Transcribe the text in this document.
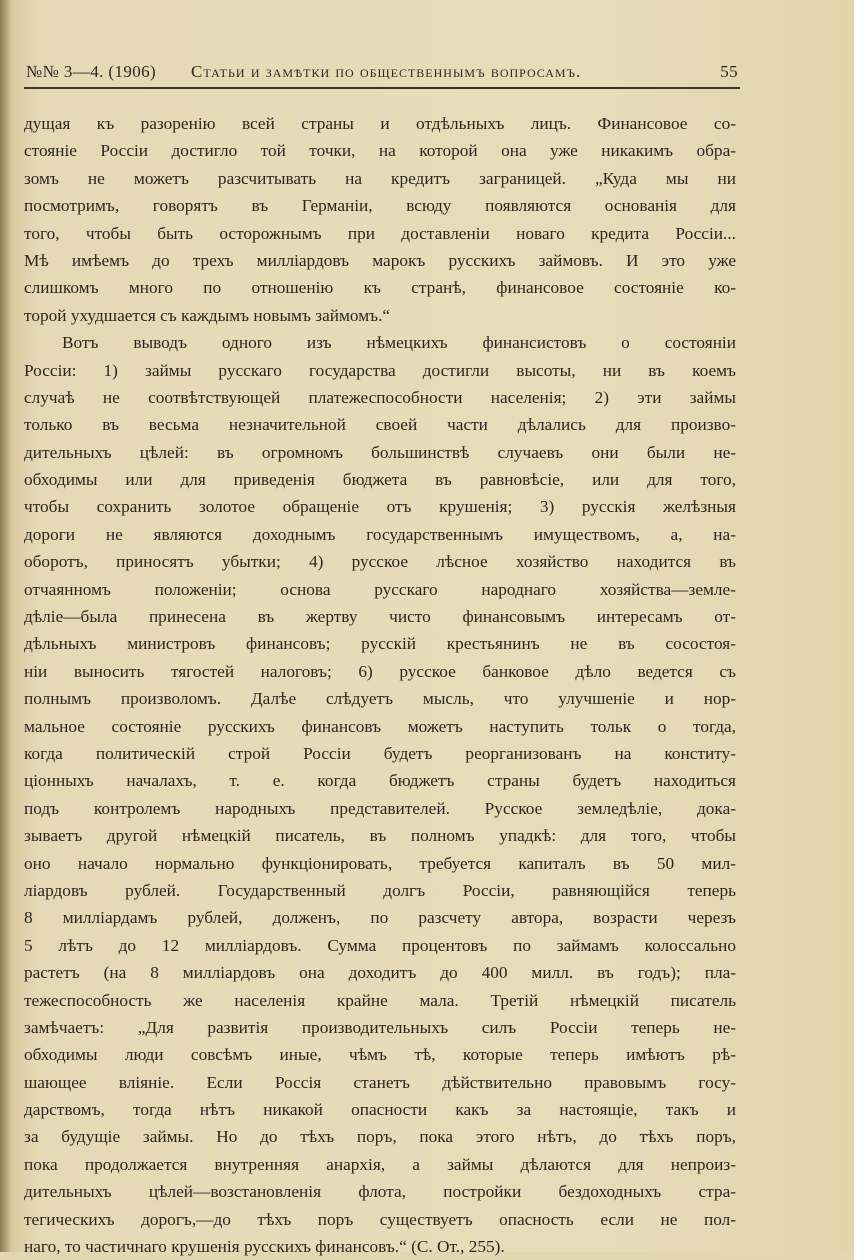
№№ 3—4. (1906) Статьи и замѣтки по общественнымъ вопросамъ.	55
дущая къ разоренію всей страны и отдѣльныхъ лицъ. Финансовое со-
стояніе Россіи достигло той точки, на которой она уже никакимъ обра-
зомъ не можетъ разсчитывать на кредитъ заграницей. „Куда мы ни
посмотримъ, говорятъ въ Германіи, всюду появляются основанія для
того, чтобы быть осторожнымъ при доставленіи новаго кредита Россіи...
Мѣ имѣемъ до трехъ милліардовъ марокъ русскихъ займовъ. И это уже
слишкомъ много по отношенію къ странѣ, финансовое состояніе ко-
торой ухудшается съ каждымъ новымъ займомъ.“
Вотъ выводъ одного изъ нѣмецкихъ финансистовъ о состояніи
Россіи: 1) займы русскаго государства достигли высоты, ни въ коемъ
случаѣ не соотвѣтствующей платежеспособности населенія; 2) эти займы
только въ весьма незначительной своей части дѣлались для произво-
дительныхъ цѣлей: въ огромномъ большинствѣ случаевъ они были не-
обходимы или для приведенія бюджета въ равновѣсіе, или для того,
чтобы сохранить золотое обращеніе отъ крушенія; 3) русскія желѣзныя
дороги не являются доходнымъ государственнымъ имуществомъ, а, на-
оборотъ, приносятъ убытки; 4) русское лѣсное хозяйство находится въ
отчаянномъ положеніи; основа русскаго народнаго хозяйства—земле-
дѣліе—была принесена въ жертву чисто финансовымъ интересамъ от-
дѣльныхъ министровъ финансовъ; русскій крестьянинъ не въ сосостоя-
ніи выносить тягостей налоговъ; 6) русское банковое дѣло ведется съ
полнымъ произволомъ. Далѣе слѣдуетъ мысль, что улучшеніе и нор-
мальное состояніе русскихъ финансовъ можетъ наступить тольк о тогда,
когда политическій строй Россіи будетъ реорганизованъ на конститу-
ціонныхъ началахъ, т. е. когда бюджетъ страны будетъ находиться
подъ контролемъ народныхъ представителей. Русское земледѣліе, дока-
зываетъ другой нѣмецкій писатель, въ полномъ упадкѣ: для того, чтобы
оно начало нормально функціонировать, требуется капиталъ въ 50 мил-
ліардовъ рублей. Государственный долгъ Россіи, равняющійся теперь
8 милліардамъ рублей, долженъ, по разсчету автора, возрасти черезъ
5 лѣтъ до 12 милліардовъ. Сумма процентовъ по займамъ колоссально
растетъ (на 8 милліардовъ она доходитъ до 400 милл. въ годъ); пла-
тежеспособность же населенія крайне мала. Третій нѣмецкій писатель
замѣчаетъ: „Для развитія производительныхъ силъ Россіи теперь не-
обходимы люди совсѣмъ иные, чѣмъ тѣ, которые теперь имѣютъ рѣ-
шающее вліяніе. Если Россія станетъ дѣйствительно правовымъ госу-
дарствомъ, тогда нѣтъ никакой опасности какъ за настоящіе, такъ и
за будущіе займы. Но до тѣхъ поръ, пока этого нѣтъ, до тѣхъ поръ,
пока продолжается внутренняя анархія, а займы дѣлаются для непроиз-
дительныхъ цѣлей—возстановленія флота, постройки бездоходныхъ стра-
тегическихъ дорогъ,—до тѣхъ поръ существуетъ опасность если не пол-
наго, то частичнаго крушенія русскихъ финансовъ.“ (С. От., 255).
